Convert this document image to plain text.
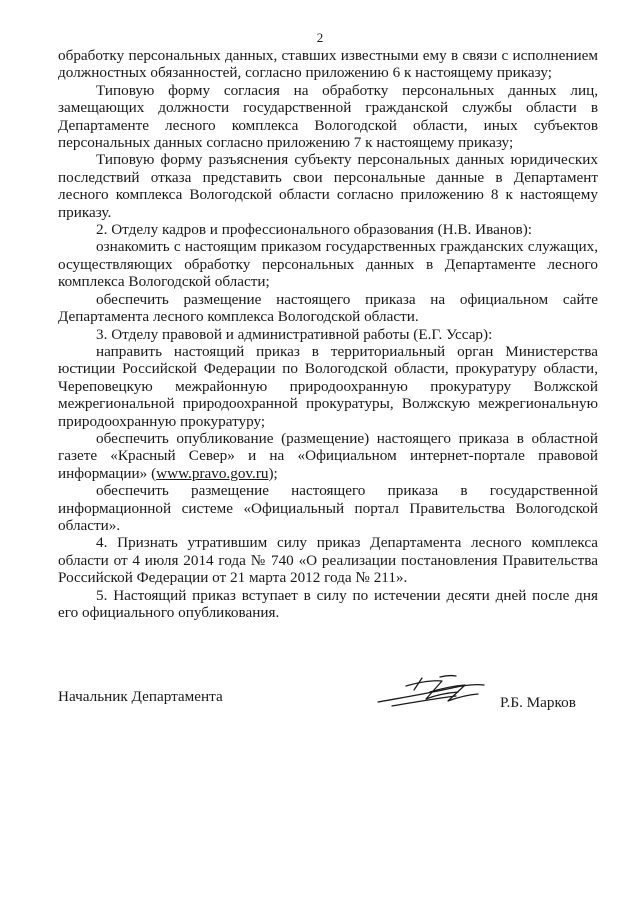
2

обработку персональных данных, ставших известными ему в связи с исполнением должностных обязанностей, согласно приложению 6 к настоящему приказу;

Типовую форму согласия на обработку персональных данных лиц, замещающих должности государственной гражданской службы области в Департаменте лесного комплекса Вологодской области, иных субъектов персональных данных согласно приложению 7 к настоящему приказу;

Типовую форму разъяснения субъекту персональных данных юридических последствий отказа представить свои персональные данные в Департамент лесного комплекса Вологодской области согласно приложению 8 к настоящему приказу.

2. Отделу кадров и профессионального образования (Н.В. Иванов):

ознакомить с настоящим приказом государственных гражданских служащих, осуществляющих обработку персональных данных в Департаменте лесного комплекса Вологодской области;

обеспечить размещение настоящего приказа на официальном сайте Департамента лесного комплекса Вологодской области.

3. Отделу правовой и административной работы (Е.Г. Уссар):

направить настоящий приказ в территориальный орган Министерства юстиции Российской Федерации по Вологодской области, прокуратуру области, Череповецкую межрайонную природоохранную прокуратуру Волжской межрегиональной природоохранной прокуратуры, Волжскую межрегиональную природоохранную прокуратуру;

обеспечить опубликование (размещение) настоящего приказа в областной газете «Красный Север» и на «Официальном интернет-портале правовой информации» (www.pravo.gov.ru);

обеспечить размещение настоящего приказа в государственной информационной системе «Официальный портал Правительства Вологодской области».

4. Признать утратившим силу приказ Департамента лесного комплекса области от 4 июля 2014 года № 740 «О реализации постановления Правительства Российской Федерации от 21 марта 2012 года № 211».

5. Настоящий приказ вступает в силу по истечении десяти дней после дня его официального опубликования.

Начальник Департамента	Р.Б. Марков
